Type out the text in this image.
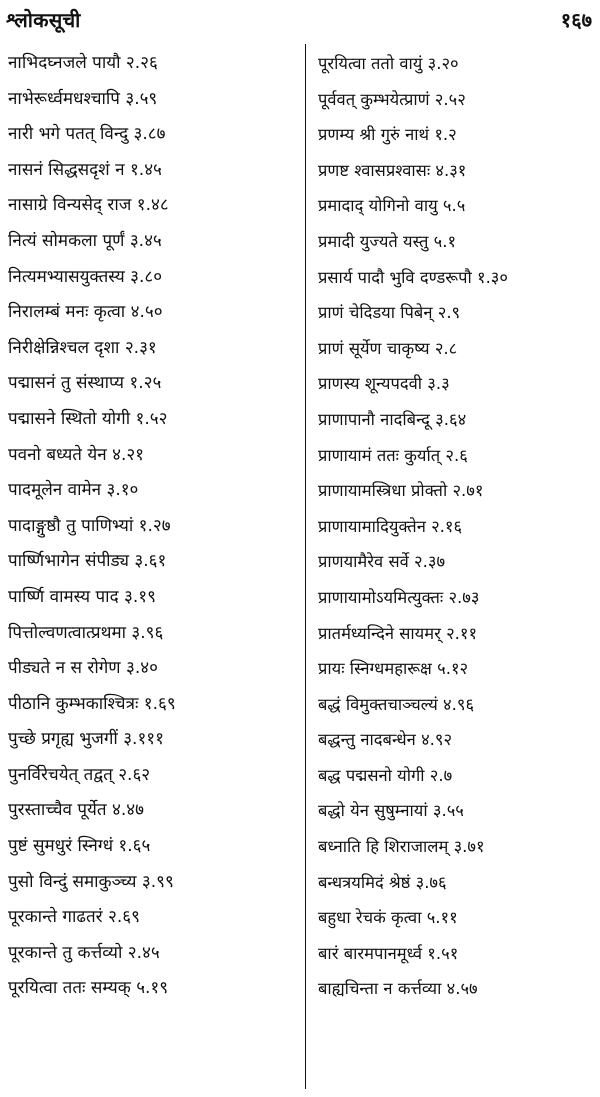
श्लोकसूची	१६७
नाभिदघ्नजले पायौ २.२६
नाभेरूर्ध्वमधश्चापि ३.५९
नारी भगे पतत् विन्दु ३.८७
नासनं सिद्धसदृशं न १.४५
नासाग्रे विन्यसेद् राज १.४८
नित्यं सोमकला पूर्णं ३.४५
नित्यमभ्यासयुक्तस्य ३.८०
निरालम्बं मनः कृत्वा ४.५०
निरीक्षेन्निश्चल दृशा २.३१
पद्मासनं तु संस्थाप्य १.२५
पद्मासने स्थितो योगी १.५२
पवनो बध्यते येन ४.२१
पादमूलेन वामेन ३.१०
पादाङ्गुष्ठौ तु पाणिभ्यां १.२७
पार्ष्णिभागेन संपीड्य ३.६१
पार्ष्णि वामस्य पाद ३.१९
पित्तोल्वणत्वात्प्रथमा ३.९६
पीड्यते न स रोगेण ३.४०
पीठानि कुम्भकाश्चित्रः १.६९
पुच्छे प्रगृह्य भुजगीं ३.१११
पुनर्विरेचयेत् तद्वत् २.६२
पुरस्ताच्चैव पूर्येत ४.४७
पुष्टं सुमधुरं स्निग्धं १.६५
पुसो विन्दुं समाकुञ्च्य ३.९९
पूरकान्ते गाढतरं २.६९
पूरकान्ते तु कर्त्तव्यो २.४५
पूरयित्वा ततः सम्यक् ५.१९
पूरयित्वा ततो वायुं ३.२०
पूर्ववत् कुम्भयेत्प्राणं २.५२
प्रणम्य श्री गुरुं नाथं १.२
प्रणष्ट श्वासप्रश्वासः ४.३१
प्रमादाद् योगिनो वायु ५.५
प्रमादी युज्यते यस्तु ५.१
प्रसार्य पादौ भुवि दण्डरूपौ १.३०
प्राणं चेदिडया पिबेन् २.९
प्राणं सूर्येण चाकृष्य २.८
प्राणस्य शून्यपदवी ३.३
प्राणापानौ नादबिन्दू ३.६४
प्राणायामं ततः कुर्यात् २.६
प्राणायामस्त्रिधा प्रोक्तो २.७१
प्राणायामादियुक्तेन २.१६
प्राणयामैरेव सर्वे २.३७
प्राणायामोऽयमित्युक्तः २.७३
प्रातर्मध्यन्दिने सायमर् २.११
प्रायः स्निग्धमहारूक्ष ५.१२
बद्धं विमुक्तचाञ्चल्यं ४.९६
बद्धन्तु नादबन्धेन ४.९२
बद्ध पद्मसनो योगी २.७
बद्धो येन सुषुम्नायां ३.५५
बध्नाति हि शिराजालम् ३.७१
बन्धत्रयमिदं श्रेष्ठं ३.७६
बहुधा रेचकं कृत्वा ५.११
बारं बारमपानमूर्ध्व १.५१
बाह्यचिन्ता न कर्त्तव्या ४.५७
